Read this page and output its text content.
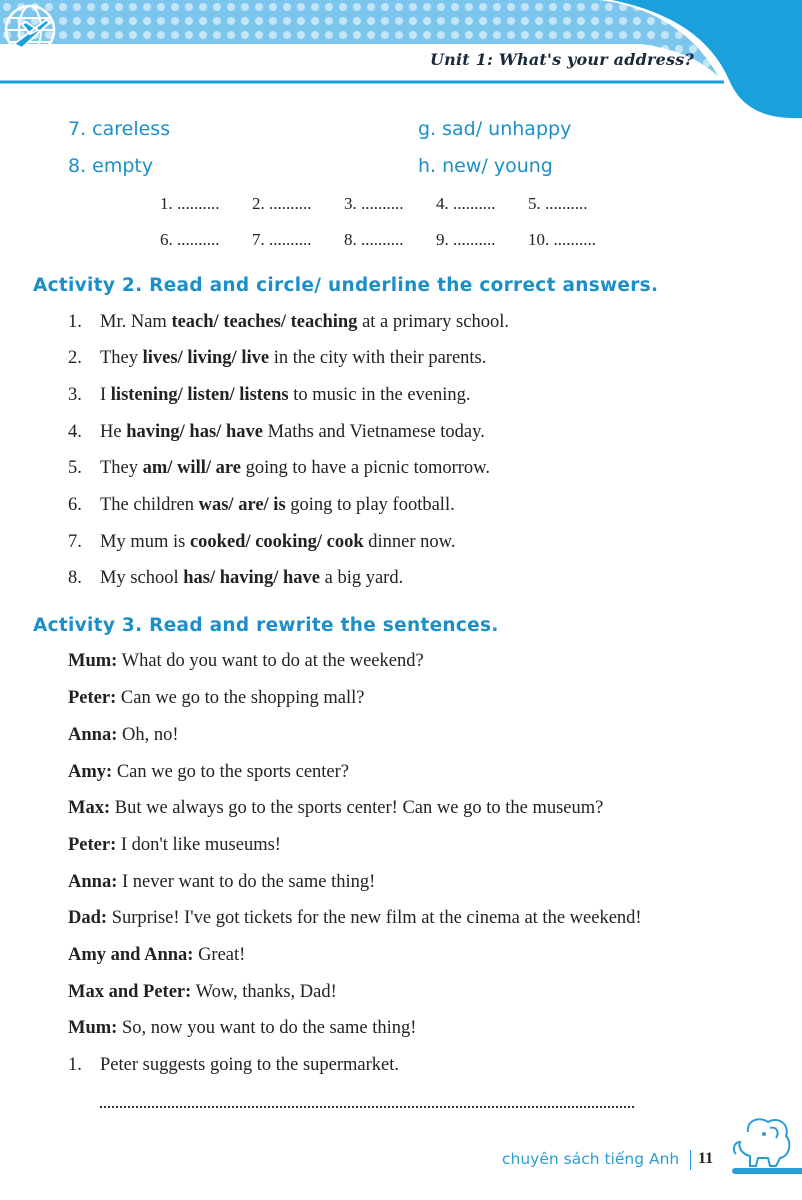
Unit 1: What's your address?
7. careless	g. sad/ unhappy
8. empty	h. new/ young
1. .......... 2. .......... 3. .......... 4. .......... 5. ..........
6. .......... 7. .......... 8. .......... 9. .......... 10. ..........
Activity 2. Read and circle/ underline the correct answers.
1. Mr. Nam teach/ teaches/ teaching at a primary school.
2. They lives/ living/ live in the city with their parents.
3. I listening/ listen/ listens to music in the evening.
4. He having/ has/ have Maths and Vietnamese today.
5. They am/ will/ are going to have a picnic tomorrow.
6. The children was/ are/ is going to play football.
7. My mum is cooked/ cooking/ cook dinner now.
8. My school has/ having/ have a big yard.
Activity 3. Read and rewrite the sentences.
Mum: What do you want to do at the weekend?
Peter: Can we go to the shopping mall?
Anna: Oh, no!
Amy: Can we go to the sports center?
Max: But we always go to the sports center! Can we go to the museum?
Peter: I don't like museums!
Anna: I never want to do the same thing!
Dad: Surprise! I've got tickets for the new film at the cinema at the weekend!
Amy and Anna: Great!
Max and Peter: Wow, thanks, Dad!
Mum: So, now you want to do the same thing!
1. Peter suggests going to the supermarket.
chuyên sách tiếng Anh 11
